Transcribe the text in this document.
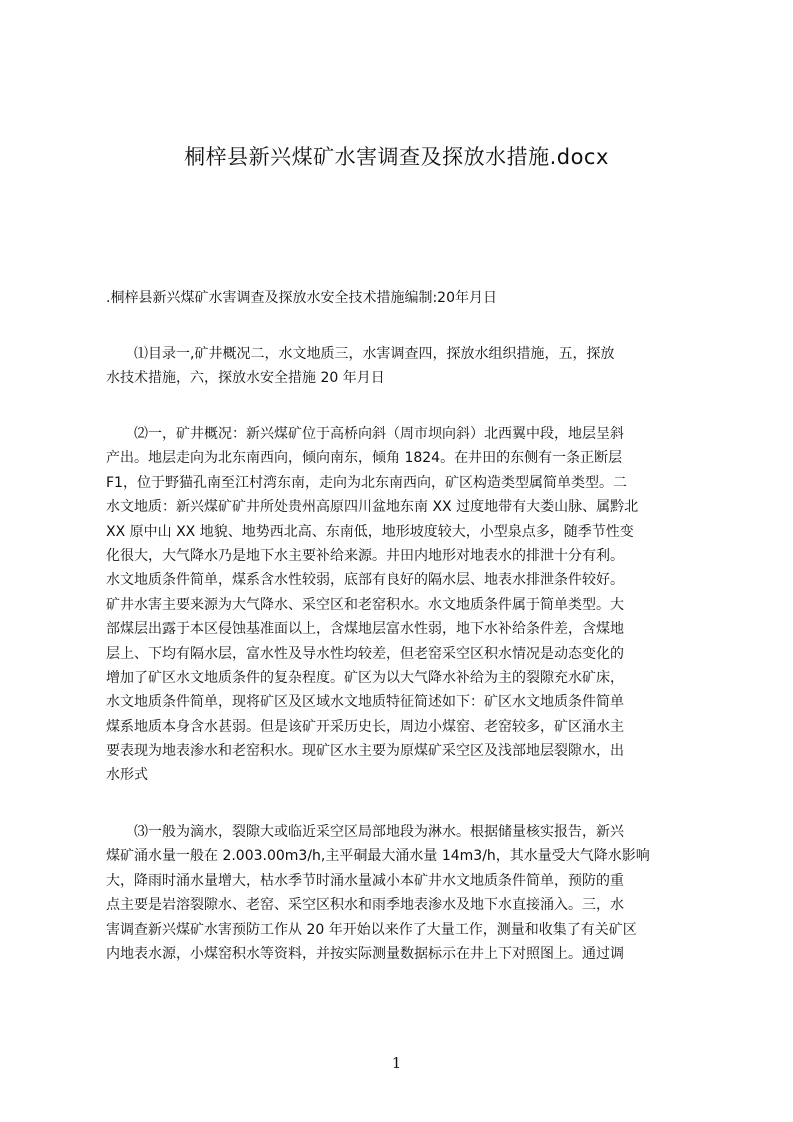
桐梓县新兴煤矿水害调查及探放水措施.docx
.桐梓县新兴煤矿水害调查及探放水安全技术措施编制:20年月日
　　⑴目录一,矿井概况二，水文地质三，水害调查四，探放水组织措施，五，探放
水技术措施，六，探放水安全措施 20 年月日
　　⑵一，矿井概况：新兴煤矿位于高桥向斜（周市坝向斜）北西翼中段，地层呈斜
产出。地层走向为北东南西向，倾向南东，倾角 1824。在井田的东侧有一条正断层
F1，位于野猫孔南至江村湾东南，走向为北东南西向，矿区构造类型属简单类型。二
水文地质：新兴煤矿矿井所处贵州高原四川盆地东南 XX 过度地带有大娄山脉、属黔北
XX 原中山 XX 地貌、地势西北高、东南低，地形坡度较大，小型泉点多，随季节性变
化很大，大气降水乃是地下水主要补给来源。井田内地形对地表水的排泄十分有利。
水文地质条件简单，煤系含水性较弱，底部有良好的隔水层、地表水排泄条件较好。
矿井水害主要来源为大气降水、采空区和老窑积水。水文地质条件属于简单类型。大
部煤层出露于本区侵蚀基准面以上，含煤地层富水性弱，地下水补给条件差，含煤地
层上、下均有隔水层，富水性及导水性均较差，但老窑采空区积水情况是动态变化的
增加了矿区水文地质条件的复杂程度。矿区为以大气降水补给为主的裂隙充水矿床，
水文地质条件简单，现将矿区及区域水文地质特征简述如下：矿区水文地质条件简单
煤系地质本身含水甚弱。但是该矿开采历史长，周边小煤窑、老窑较多，矿区涌水主
要表现为地表渗水和老窑积水。现矿区水主要为原煤矿采空区及浅部地层裂隙水，出
水形式
　　⑶一般为滴水，裂隙大或临近采空区局部地段为淋水。根据储量核实报告，新兴
煤矿涌水量一般在 2.003.00m3/h,主平硐最大涌水量 14m3/h，其水量受大气降水影响
大，降雨时涌水量增大，枯水季节时涌水量减小本矿井水文地质条件简单，预防的重
点主要是岩溶裂隙水、老窑、采空区积水和雨季地表渗水及地下水直接涌入。三，水
害调查新兴煤矿水害预防工作从 20 年开始以来作了大量工作，测量和收集了有关矿区
内地表水源，小煤窑积水等资料，并按实际测量数据标示在井上下对照图上。通过调
1
